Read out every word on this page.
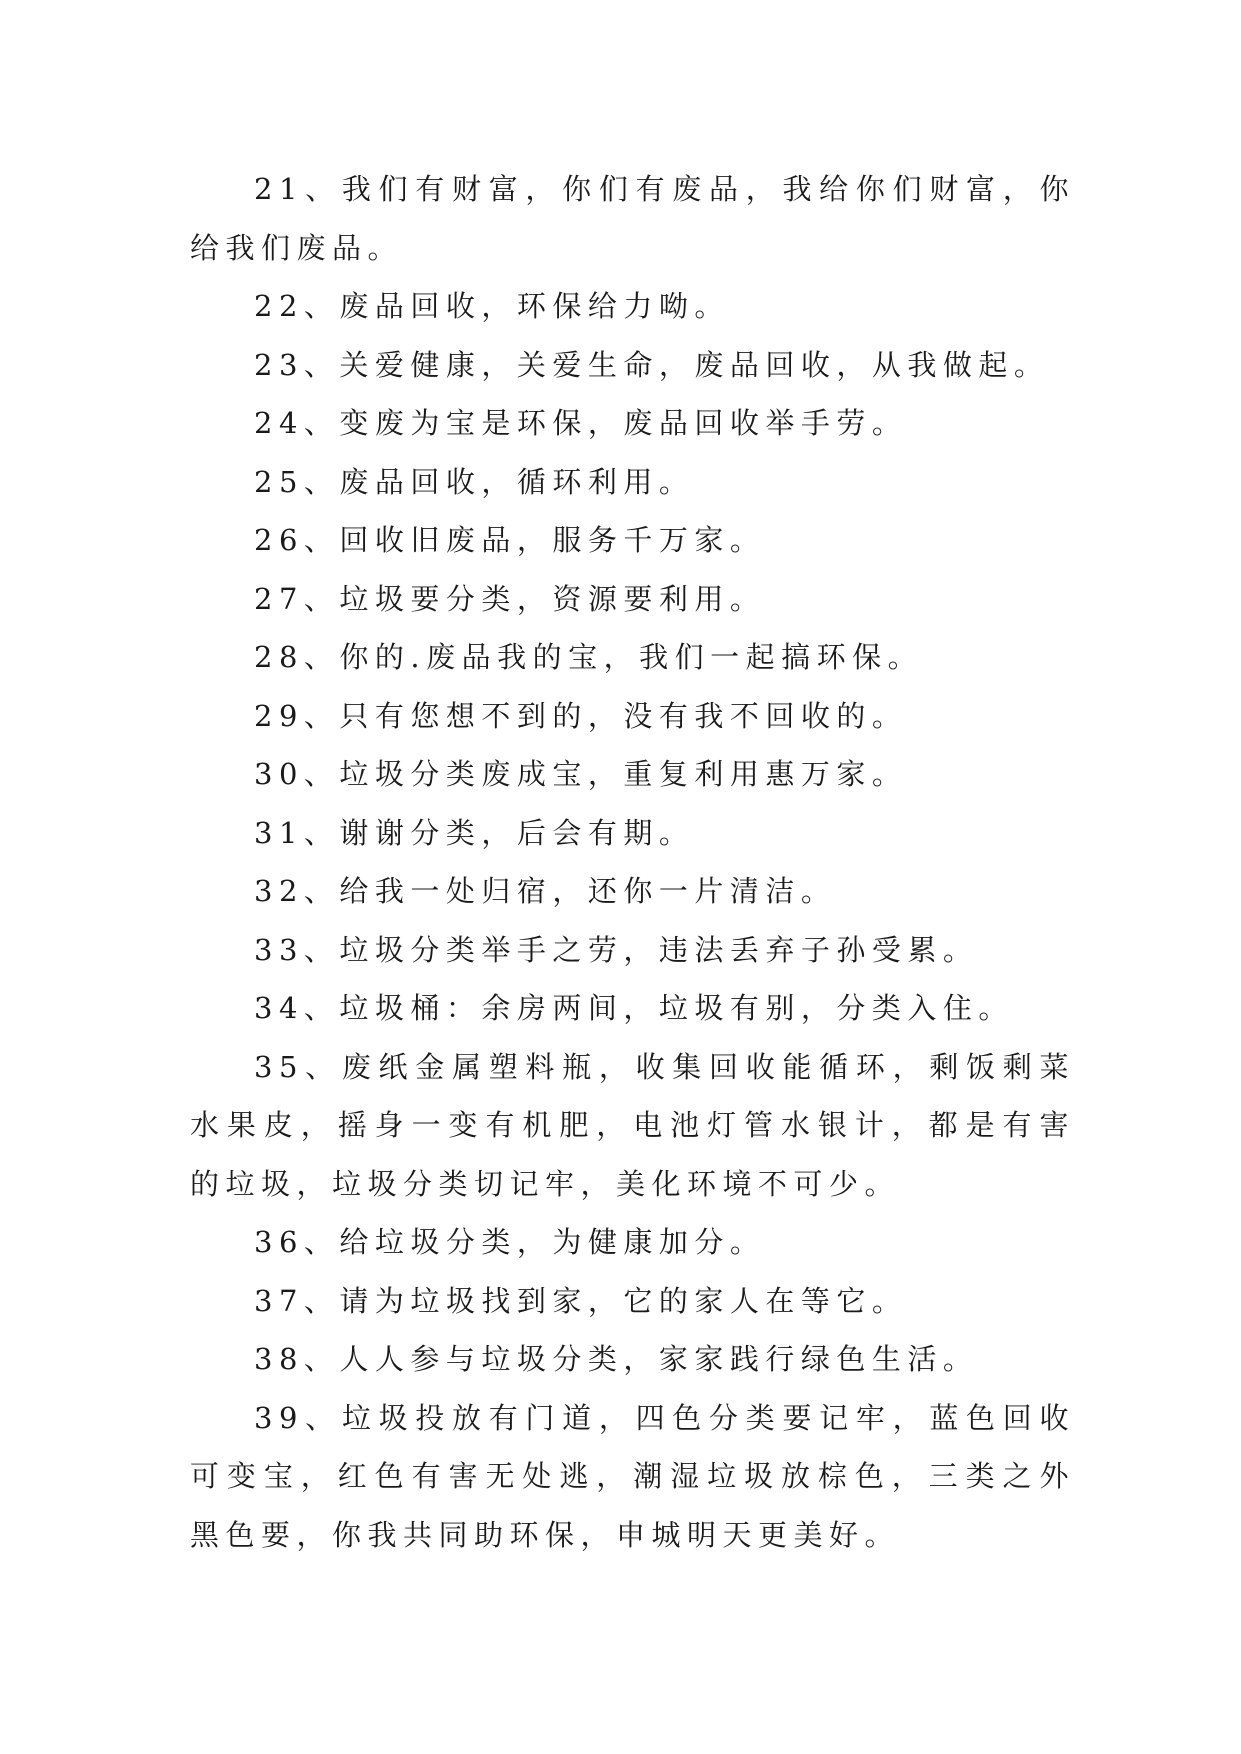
21、我们有财富，你们有废品，我给你们财富，你给我们废品。

22、废品回收，环保给力呦。

23、关爱健康，关爱生命，废品回收，从我做起。

24、变废为宝是环保，废品回收举手劳。

25、废品回收，循环利用。

26、回收旧废品，服务千万家。

27、垃圾要分类，资源要利用。

28、你的.废品我的宝，我们一起搞环保。

29、只有您想不到的，没有我不回收的。

30、垃圾分类废成宝，重复利用惠万家。

31、谢谢分类，后会有期。

32、给我一处归宿，还你一片清洁。

33、垃圾分类举手之劳，违法丢弃子孙受累。

34、垃圾桶：余房两间，垃圾有别，分类入住。

35、废纸金属塑料瓶，收集回收能循环，剩饭剩菜水果皮，摇身一变有机肥，电池灯管水银计，都是有害的垃圾，垃圾分类切记牢，美化环境不可少。

36、给垃圾分类，为健康加分。

37、请为垃圾找到家，它的家人在等它。

38、人人参与垃圾分类，家家践行绿色生活。

39、垃圾投放有门道，四色分类要记牢，蓝色回收可变宝，红色有害无处逃，潮湿垃圾放棕色，三类之外黑色要，你我共同助环保，申城明天更美好。
